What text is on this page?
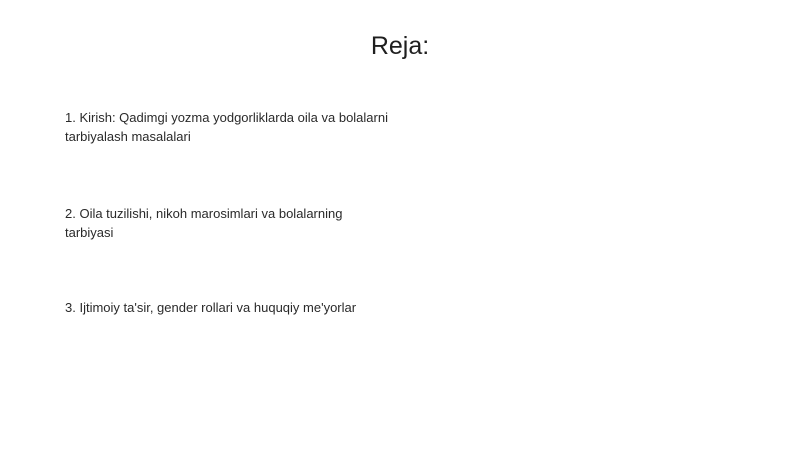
Reja:
1. Kirish: Qadimgi yozma yodgorliklarda oila va bolalarni tarbiyalash masalalari
2. Oila tuzilishi, nikoh marosimlari va bolalarning tarbiyasi
3. Ijtimoiy ta'sir, gender rollari va huquqiy me'yorlar
